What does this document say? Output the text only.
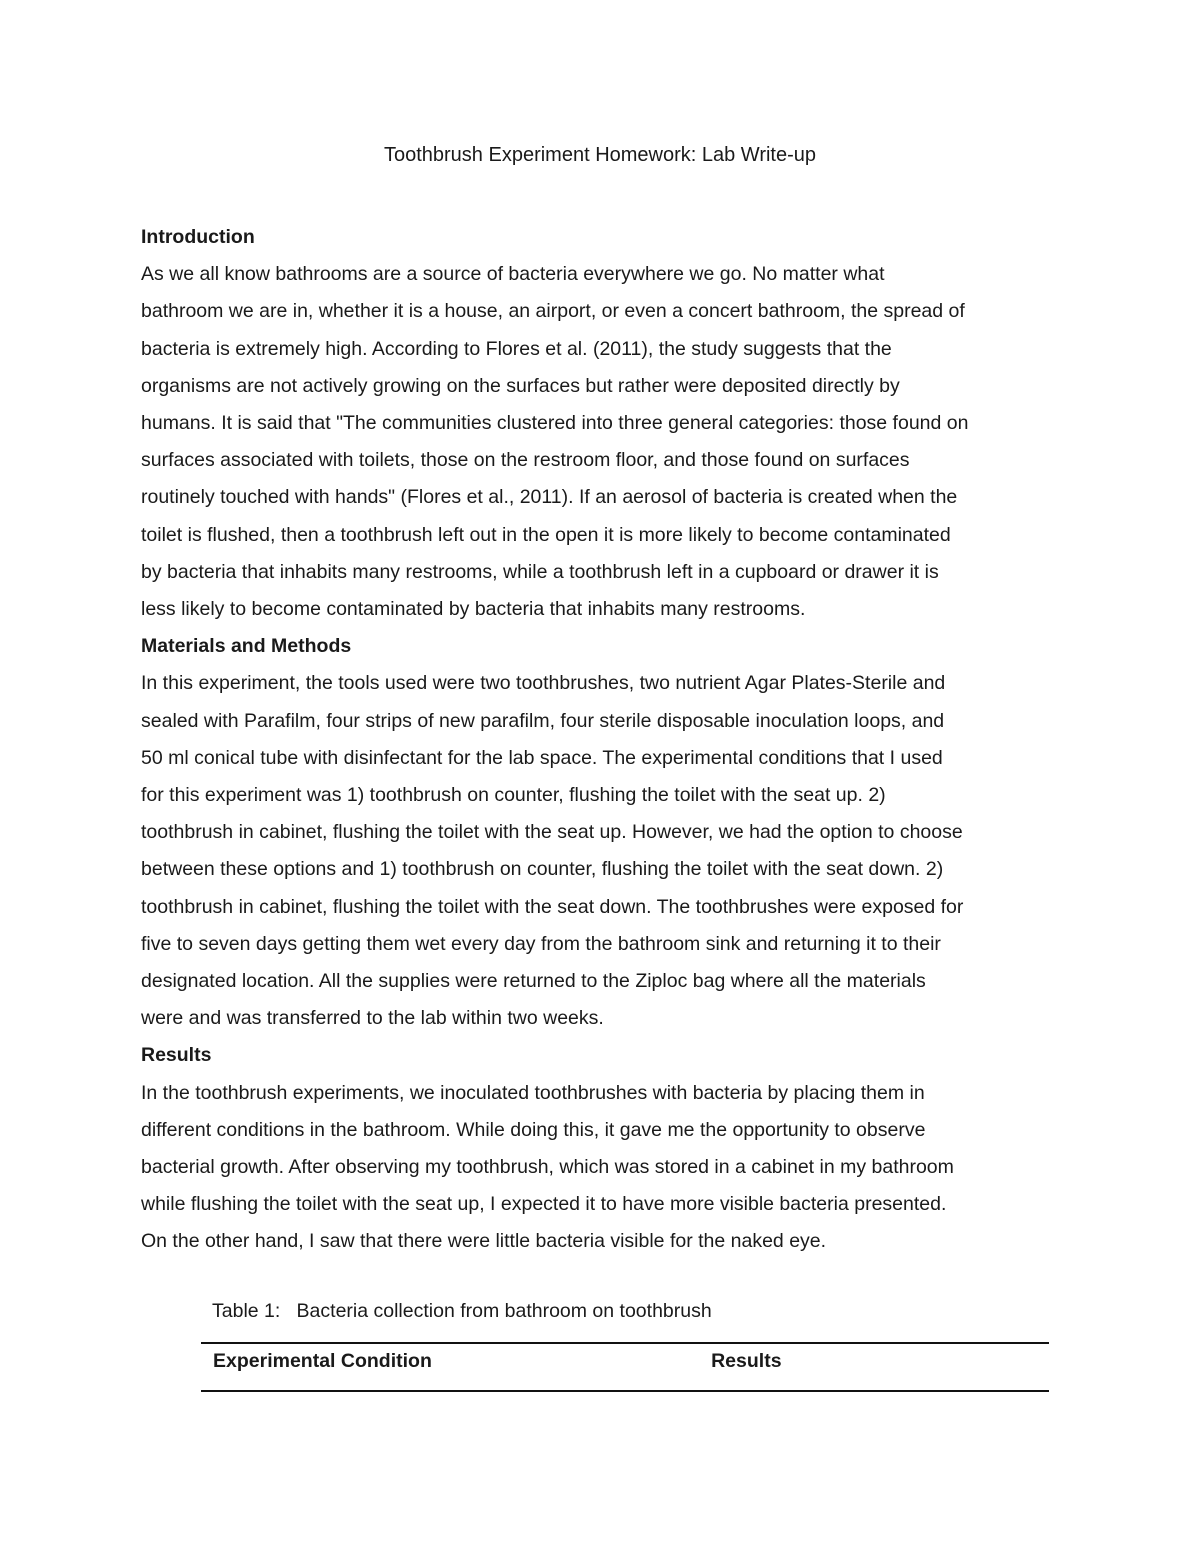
Toothbrush Experiment Homework: Lab Write-up
Introduction

As we all know bathrooms are a source of bacteria everywhere we go. No matter what
bathroom we are in, whether it is a house, an airport, or even a concert bathroom, the spread of
bacteria is extremely high. According to Flores et al. (2011), the study suggests that the
organisms are not actively growing on the surfaces but rather were deposited directly by
humans. It is said that "The communities clustered into three general categories: those found on
surfaces associated with toilets, those on the restroom floor, and those found on surfaces
routinely touched with hands" (Flores et al., 2011). If an aerosol of bacteria is created when the
toilet is flushed, then a toothbrush left out in the open it is more likely to become contaminated
by bacteria that inhabits many restrooms, while a toothbrush left in a cupboard or drawer it is
less likely to become contaminated by bacteria that inhabits many restrooms.

Materials and Methods

In this experiment, the tools used were two toothbrushes, two nutrient Agar Plates-Sterile and
sealed with Parafilm, four strips of new parafilm, four sterile disposable inoculation loops, and
50 ml conical tube with disinfectant for the lab space. The experimental conditions that I used
for this experiment was 1) toothbrush on counter, flushing the toilet with the seat up. 2)
toothbrush in cabinet, flushing the toilet with the seat up. However, we had the option to choose
between these options and 1) toothbrush on counter, flushing the toilet with the seat down. 2)
toothbrush in cabinet, flushing the toilet with the seat down. The toothbrushes were exposed for
five to seven days getting them wet every day from the bathroom sink and returning it to their
designated location. All the supplies were returned to the Ziploc bag where all the materials
were and was transferred to the lab within two weeks.

Results

In the toothbrush experiments, we inoculated toothbrushes with bacteria by placing them in
different conditions in the bathroom. While doing this, it gave me the opportunity to observe
bacterial growth. After observing my toothbrush, which was stored in a cabinet in my bathroom
while flushing the toilet with the seat up, I expected it to have more visible bacteria presented.
On the other hand, I saw that there were little bacteria visible for the naked eye.

Table 1:   Bacteria collection from bathroom on toothbrush
Experimental Condition	Results
